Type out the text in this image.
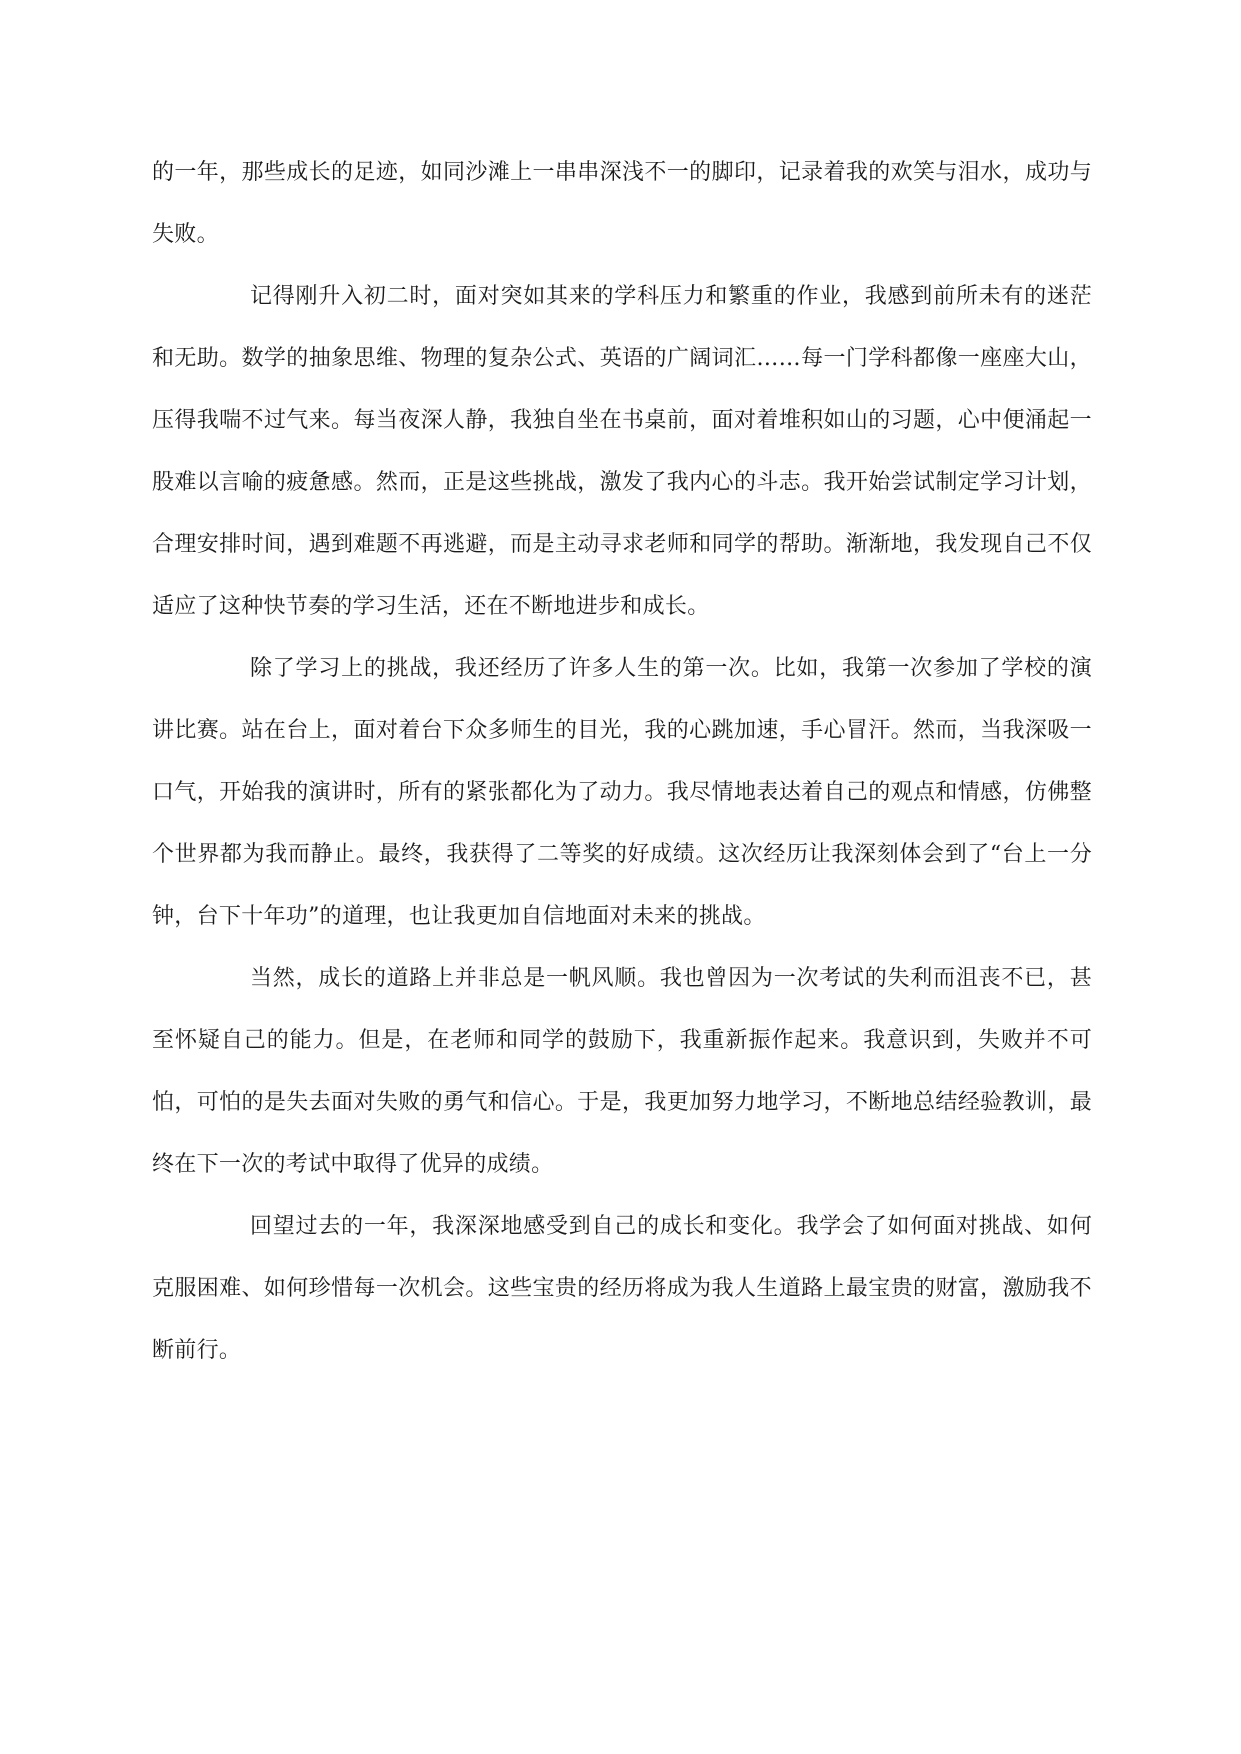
的一年，那些成长的足迹，如同沙滩上一串串深浅不一的脚印，记录着我的欢笑与泪水，成功与失败。

记得刚升入初二时，面对突如其来的学科压力和繁重的作业，我感到前所未有的迷茫和无助。数学的抽象思维、物理的复杂公式、英语的广阔词汇……每一门学科都像一座座大山，压得我喘不过气来。每当夜深人静，我独自坐在书桌前，面对着堆积如山的习题，心中便涌起一股难以言喻的疲惫感。然而，正是这些挑战，激发了我内心的斗志。我开始尝试制定学习计划，合理安排时间，遇到难题不再逃避，而是主动寻求老师和同学的帮助。渐渐地，我发现自己不仅适应了这种快节奏的学习生活，还在不断地进步和成长。

除了学习上的挑战，我还经历了许多人生的第一次。比如，我第一次参加了学校的演讲比赛。站在台上，面对着台下众多师生的目光，我的心跳加速，手心冒汗。然而，当我深吸一口气，开始我的演讲时，所有的紧张都化为了动力。我尽情地表达着自己的观点和情感，仿佛整个世界都为我而静止。最终，我获得了二等奖的好成绩。这次经历让我深刻体会到了“台上一分钟，台下十年功”的道理，也让我更加自信地面对未来的挑战。

当然，成长的道路上并非总是一帆风顺。我也曾因为一次考试的失利而沮丧不已，甚至怀疑自己的能力。但是，在老师和同学的鼓励下，我重新振作起来。我意识到，失败并不可怕，可怕的是失去面对失败的勇气和信心。于是，我更加努力地学习，不断地总结经验教训，最终在下一次的考试中取得了优异的成绩。

回望过去的一年，我深深地感受到自己的成长和变化。我学会了如何面对挑战、如何克服困难、如何珍惜每一次机会。这些宝贵的经历将成为我人生道路上最宝贵的财富，激励我不断前行。
